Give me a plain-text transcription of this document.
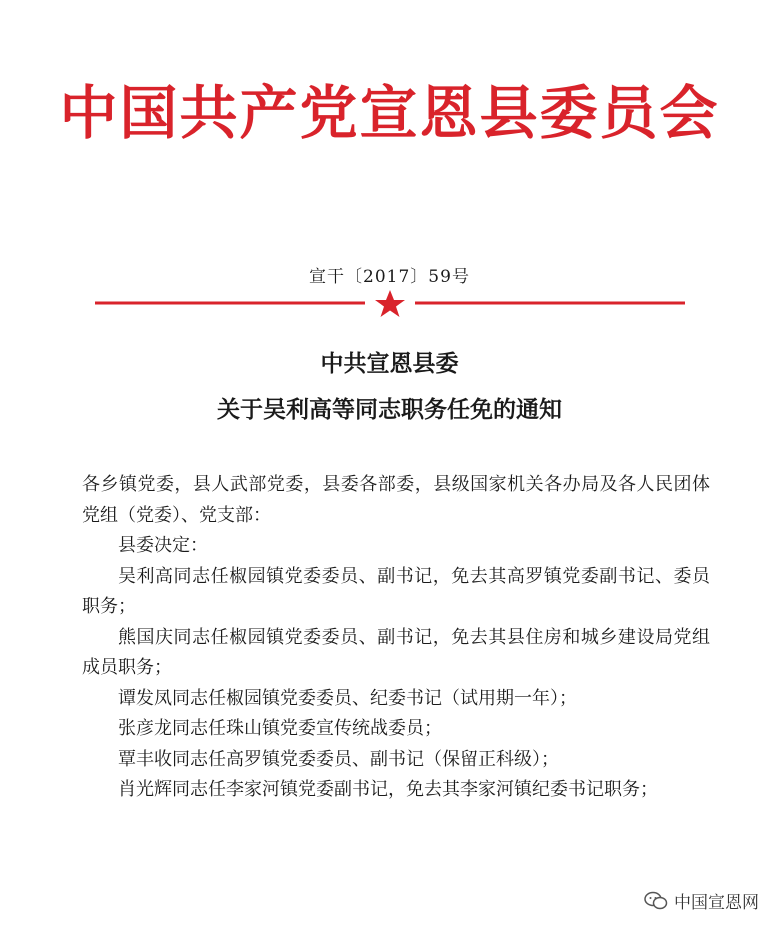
中国共产党宣恩县委员会
宣干〔2017〕59号
中共宣恩县委
关于吴利高等同志职务任免的通知

各乡镇党委，县人武部党委，县委各部委，县级国家机关各办局及各人民团体党组（党委）、党支部：

县委决定：

吴利高同志任椒园镇党委委员、副书记，免去其高罗镇党委副书记、委员职务；

熊国庆同志任椒园镇党委委员、副书记，免去其县住房和城乡建设局党组成员职务；

谭发凤同志任椒园镇党委委员、纪委书记（试用期一年）；

张彦龙同志任珠山镇党委宣传统战委员；

覃丰收同志任高罗镇党委委员、副书记（保留正科级）；

肖光辉同志任李家河镇党委副书记，免去其李家河镇纪委书记职务；

中国宣恩网
